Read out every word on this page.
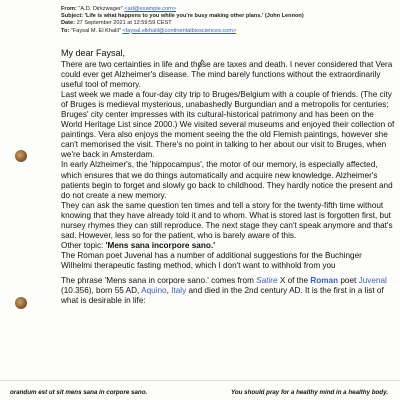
From: "A.D. Dirkzwager" <ad@example.com>
Subject: 'Life is what happens to you while you're busy making other plans.' (John Lennon)
Date: 27 September 2021 at 12:59:59 CEST
To: "Faysal M. El Khalil" <faysal.elkhalil@continentalbiosciences.com>

My dear Faysal,

There are two certainties in life and those are taxes and death. I never considered that Vera could ever get Alzheimer's disease. The mind barely functions without the extraordinarily useful tool of memory.

Last week we made a four-day city trip to Bruges/Belgium with a couple of friends. (The city of Bruges is medieval mysterious, unabashedly Burgundian and a metropolis for centuries; Bruges' city center impresses with its cultural-historical patrimony and has been on the World Heritage List since 2000.) We visited several museums and enjoyed their collection of paintings. Vera also enjoys the moment seeing the the old Flemish paintings, however she can't memorised the visit. There's no point in talking to her about our visit to Bruges, when we're back in Amsterdam.

In early Alzheimer's, the 'hippocampus', the motor of our memory, is especially affected, which ensures that we do things automatically and acquire new knowledge. Alzheimer's patients begin to forget and slowly go back to childhood. They hardly notice the present and do not create a new memory.

They can ask the same question ten times and tell a story for the twenty-fifth time without knowing that they have already told it and to whom. What is stored last is forgotten first, but nursey rhymes they can still reproduce. The next stage they can't speak anymore and that's sad. However, less so for the patient, who is barely aware of this.

Other topic: 'Mens sana incorpore sano.'

The Roman poet Juvenal has a number of additional suggestions for the Buchinger Wilhelmi therapeutic fasting method, which I don't want to withhold from you

The phrase 'Mens sana in corpore sano.' comes from Satire X of the Roman poet Juvenal (10.356), born 55 AD, Aquino, Italy and died in the 2nd century AD. It is the first in a list of what is desirable in life:

orandum est ut sit mens sana in corpore sano.	You should pray for a healthy mind in a healthy body.
